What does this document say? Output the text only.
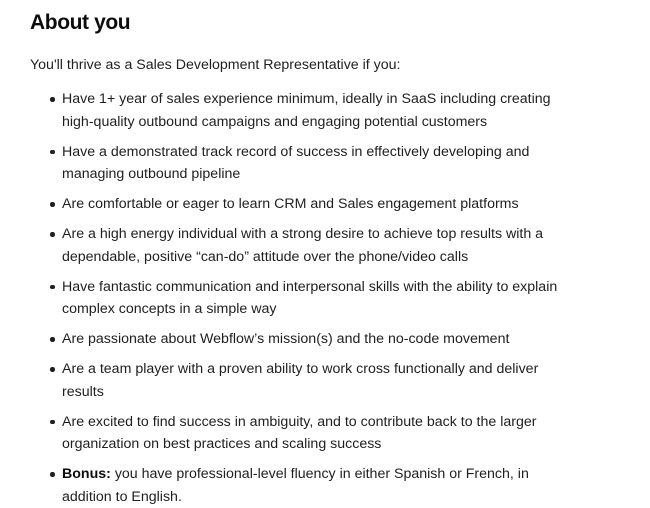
About you

You'll thrive as a Sales Development Representative if you:

Have 1+ year of sales experience minimum, ideally in SaaS including creating high-quality outbound campaigns and engaging potential customers
Have a demonstrated track record of success in effectively developing and managing outbound pipeline
Are comfortable or eager to learn CRM and Sales engagement platforms
Are a high energy individual with a strong desire to achieve top results with a dependable, positive “can-do” attitude over the phone/video calls
Have fantastic communication and interpersonal skills with the ability to explain complex concepts in a simple way
Are passionate about Webflow’s mission(s) and the no-code movement
Are a team player with a proven ability to work cross functionally and deliver results
Are excited to find success in ambiguity, and to contribute back to the larger organization on best practices and scaling success
Bonus: you have professional-level fluency in either Spanish or French, in addition to English.
